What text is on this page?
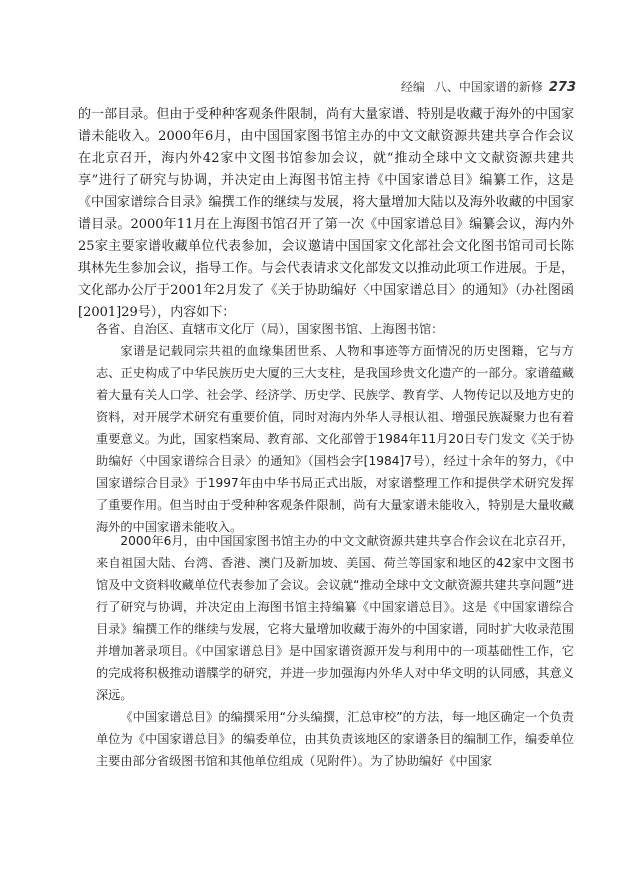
经编 八、中国家谱的新修 273

的一部目录。但由于受种种客观条件限制，尚有大量家谱、特别是收藏于海外的中国家谱未能收入。2000年6月，由中国国家图书馆主办的中文文献资源共建共享合作会议在北京召开，海内外42家中文图书馆参加会议，就“推动全球中文文献资源共建共享”进行了研究与协调，并决定由上海图书馆主持《中国家谱总目》编纂工作，这是《中国家谱综合目录》编撰工作的继续与发展，将大量增加大陆以及海外收藏的中国家谱目录。2000年11月在上海图书馆召开了第一次《中国家谱总目》编纂会议，海内外25家主要家谱收藏单位代表参加，会议邀请中国国家文化部社会文化图书馆司司长陈琪林先生参加会议，指导工作。与会代表请求文化部发文以推动此项工作进展。于是，文化部办公厅于2001年2月发了《关于协助编好〈中国家谱总目〉的通知》（办社图函[2001]29号），内容如下：

各省、自治区、直辖市文化厅（局），国家图书馆、上海图书馆：

家谱是记载同宗共祖的血缘集团世系、人物和事迹等方面情况的历史图籍，它与方志、正史构成了中华民族历史大厦的三大支柱，是我国珍贵文化遗产的一部分。家谱蕴藏着大量有关人口学、社会学、经济学、历史学、民族学、教育学、人物传记以及地方史的资料，对开展学术研究有重要价值，同时对海内外华人寻根认祖、增强民族凝聚力也有着重要意义。为此，国家档案局、教育部、文化部曾于1984年11月20日专门发文《关于协助编好〈中国家谱综合目录〉的通知》（国档会字[1984]7号），经过十余年的努力，《中国家谱综合目录》于1997年由中华书局正式出版，对家谱整理工作和提供学术研究发挥了重要作用。但当时由于受种种客观条件限制，尚有大量家谱未能收入，特别是大量收藏海外的中国家谱未能收入。

2000年6月，由中国国家图书馆主办的中文文献资源共建共享合作会议在北京召开，来自祖国大陆、台湾、香港、澳门及新加坡、美国、荷兰等国家和地区的42家中文图书馆及中文资料收藏单位代表参加了会议。会议就“推动全球中文文献资源共建共享问题”进行了研究与协调，并决定由上海图书馆主持编纂《中国家谱总目》。这是《中国家谱综合目录》编撰工作的继续与发展，它将大量增加收藏于海外的中国家谱，同时扩大收录范围并增加著录项目。《中国家谱总目》是中国家谱资源开发与利用中的一项基础性工作，它的完成将积极推动谱牒学的研究，并进一步加强海内外华人对中华文明的认同感，其意义深远。

《中国家谱总目》的编撰采用“分头编撰，汇总审校”的方法，每一地区确定一个负责单位为《中国家谱总目》的编委单位，由其负责该地区的家谱条目的编制工作，编委单位主要由部分省级图书馆和其他单位组成（见附件）。为了协助编好《中国家
